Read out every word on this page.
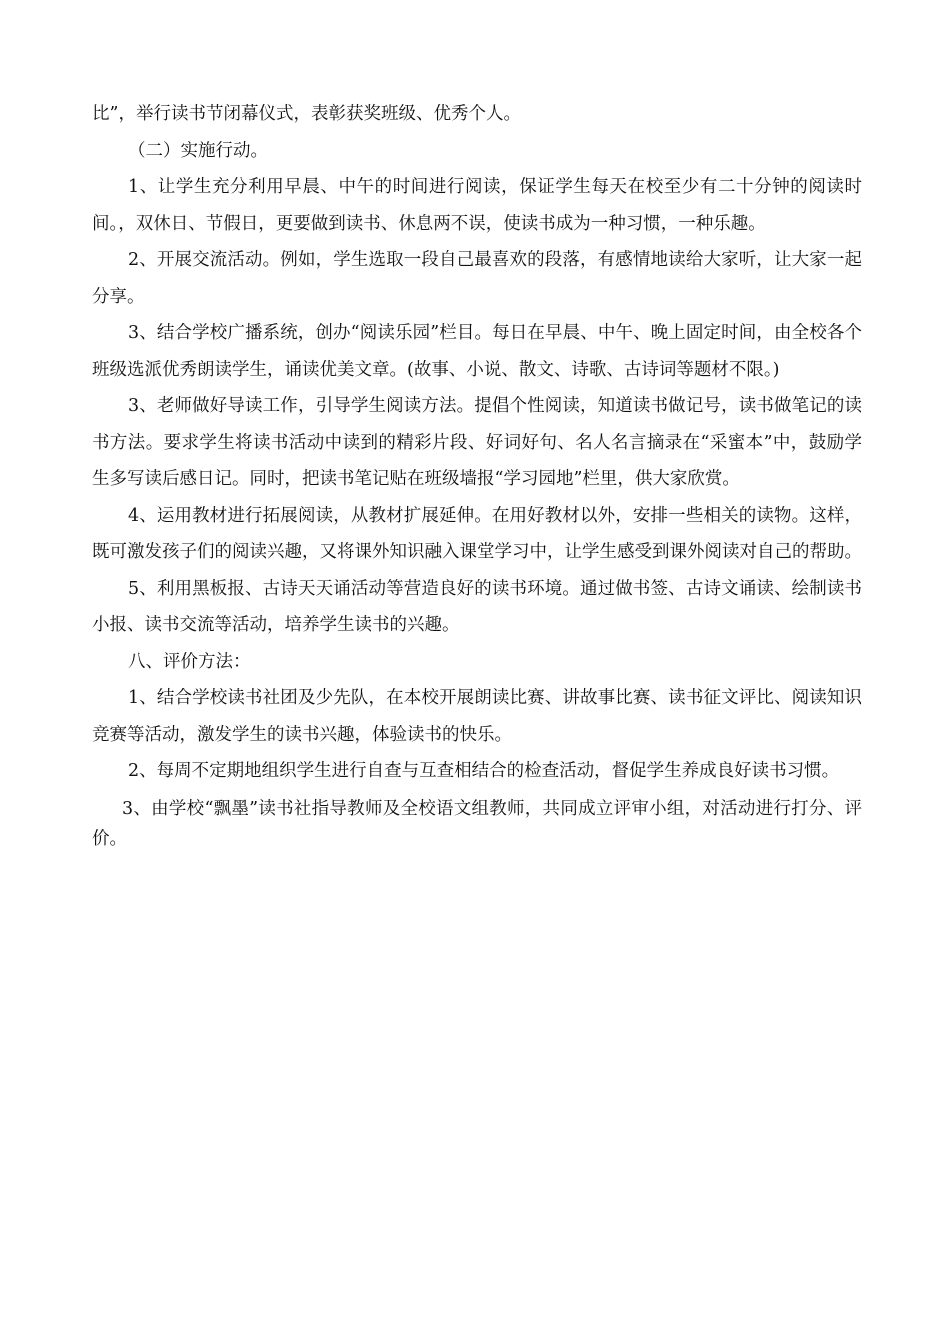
比”，举行读书节闭幕仪式，表彰获奖班级、优秀个人。

（二）实施行动。

1、让学生充分利用早晨、中午的时间进行阅读，保证学生每天在校至少有二十分钟的阅读时间。，双休日、节假日，更要做到读书、休息两不误，使读书成为一种习惯，一种乐趣。

2、开展交流活动。例如，学生选取一段自己最喜欢的段落，有感情地读给大家听，让大家一起分享。

3、结合学校广播系统，创办“阅读乐园”栏目。每日在早晨、中午、晚上固定时间，由全校各个班级选派优秀朗读学生，诵读优美文章。(故事、小说、散文、诗歌、古诗词等题材不限。)

3、老师做好导读工作，引导学生阅读方法。提倡个性阅读，知道读书做记号，读书做笔记的读书方法。要求学生将读书活动中读到的精彩片段、好词好句、名人名言摘录在“采蜜本”中，鼓励学生多写读后感日记。同时，把读书笔记贴在班级墙报“学习园地”栏里，供大家欣赏。

4、运用教材进行拓展阅读，从教材扩展延伸。在用好教材以外，安排一些相关的读物。这样，既可激发孩子们的阅读兴趣，又将课外知识融入课堂学习中，让学生感受到课外阅读对自己的帮助。

5、利用黑板报、古诗天天诵活动等营造良好的读书环境。通过做书签、古诗文诵读、绘制读书小报、读书交流等活动，培养学生读书的兴趣。

八、评价方法：

1、结合学校读书社团及少先队，在本校开展朗读比赛、讲故事比赛、读书征文评比、阅读知识竞赛等活动，激发学生的读书兴趣，体验读书的快乐。

2、每周不定期地组织学生进行自查与互查相结合的检查活动，督促学生养成良好读书习惯。

3、由学校“飘墨”读书社指导教师及全校语文组教师，共同成立评审小组，对活动进行打分、评价。
